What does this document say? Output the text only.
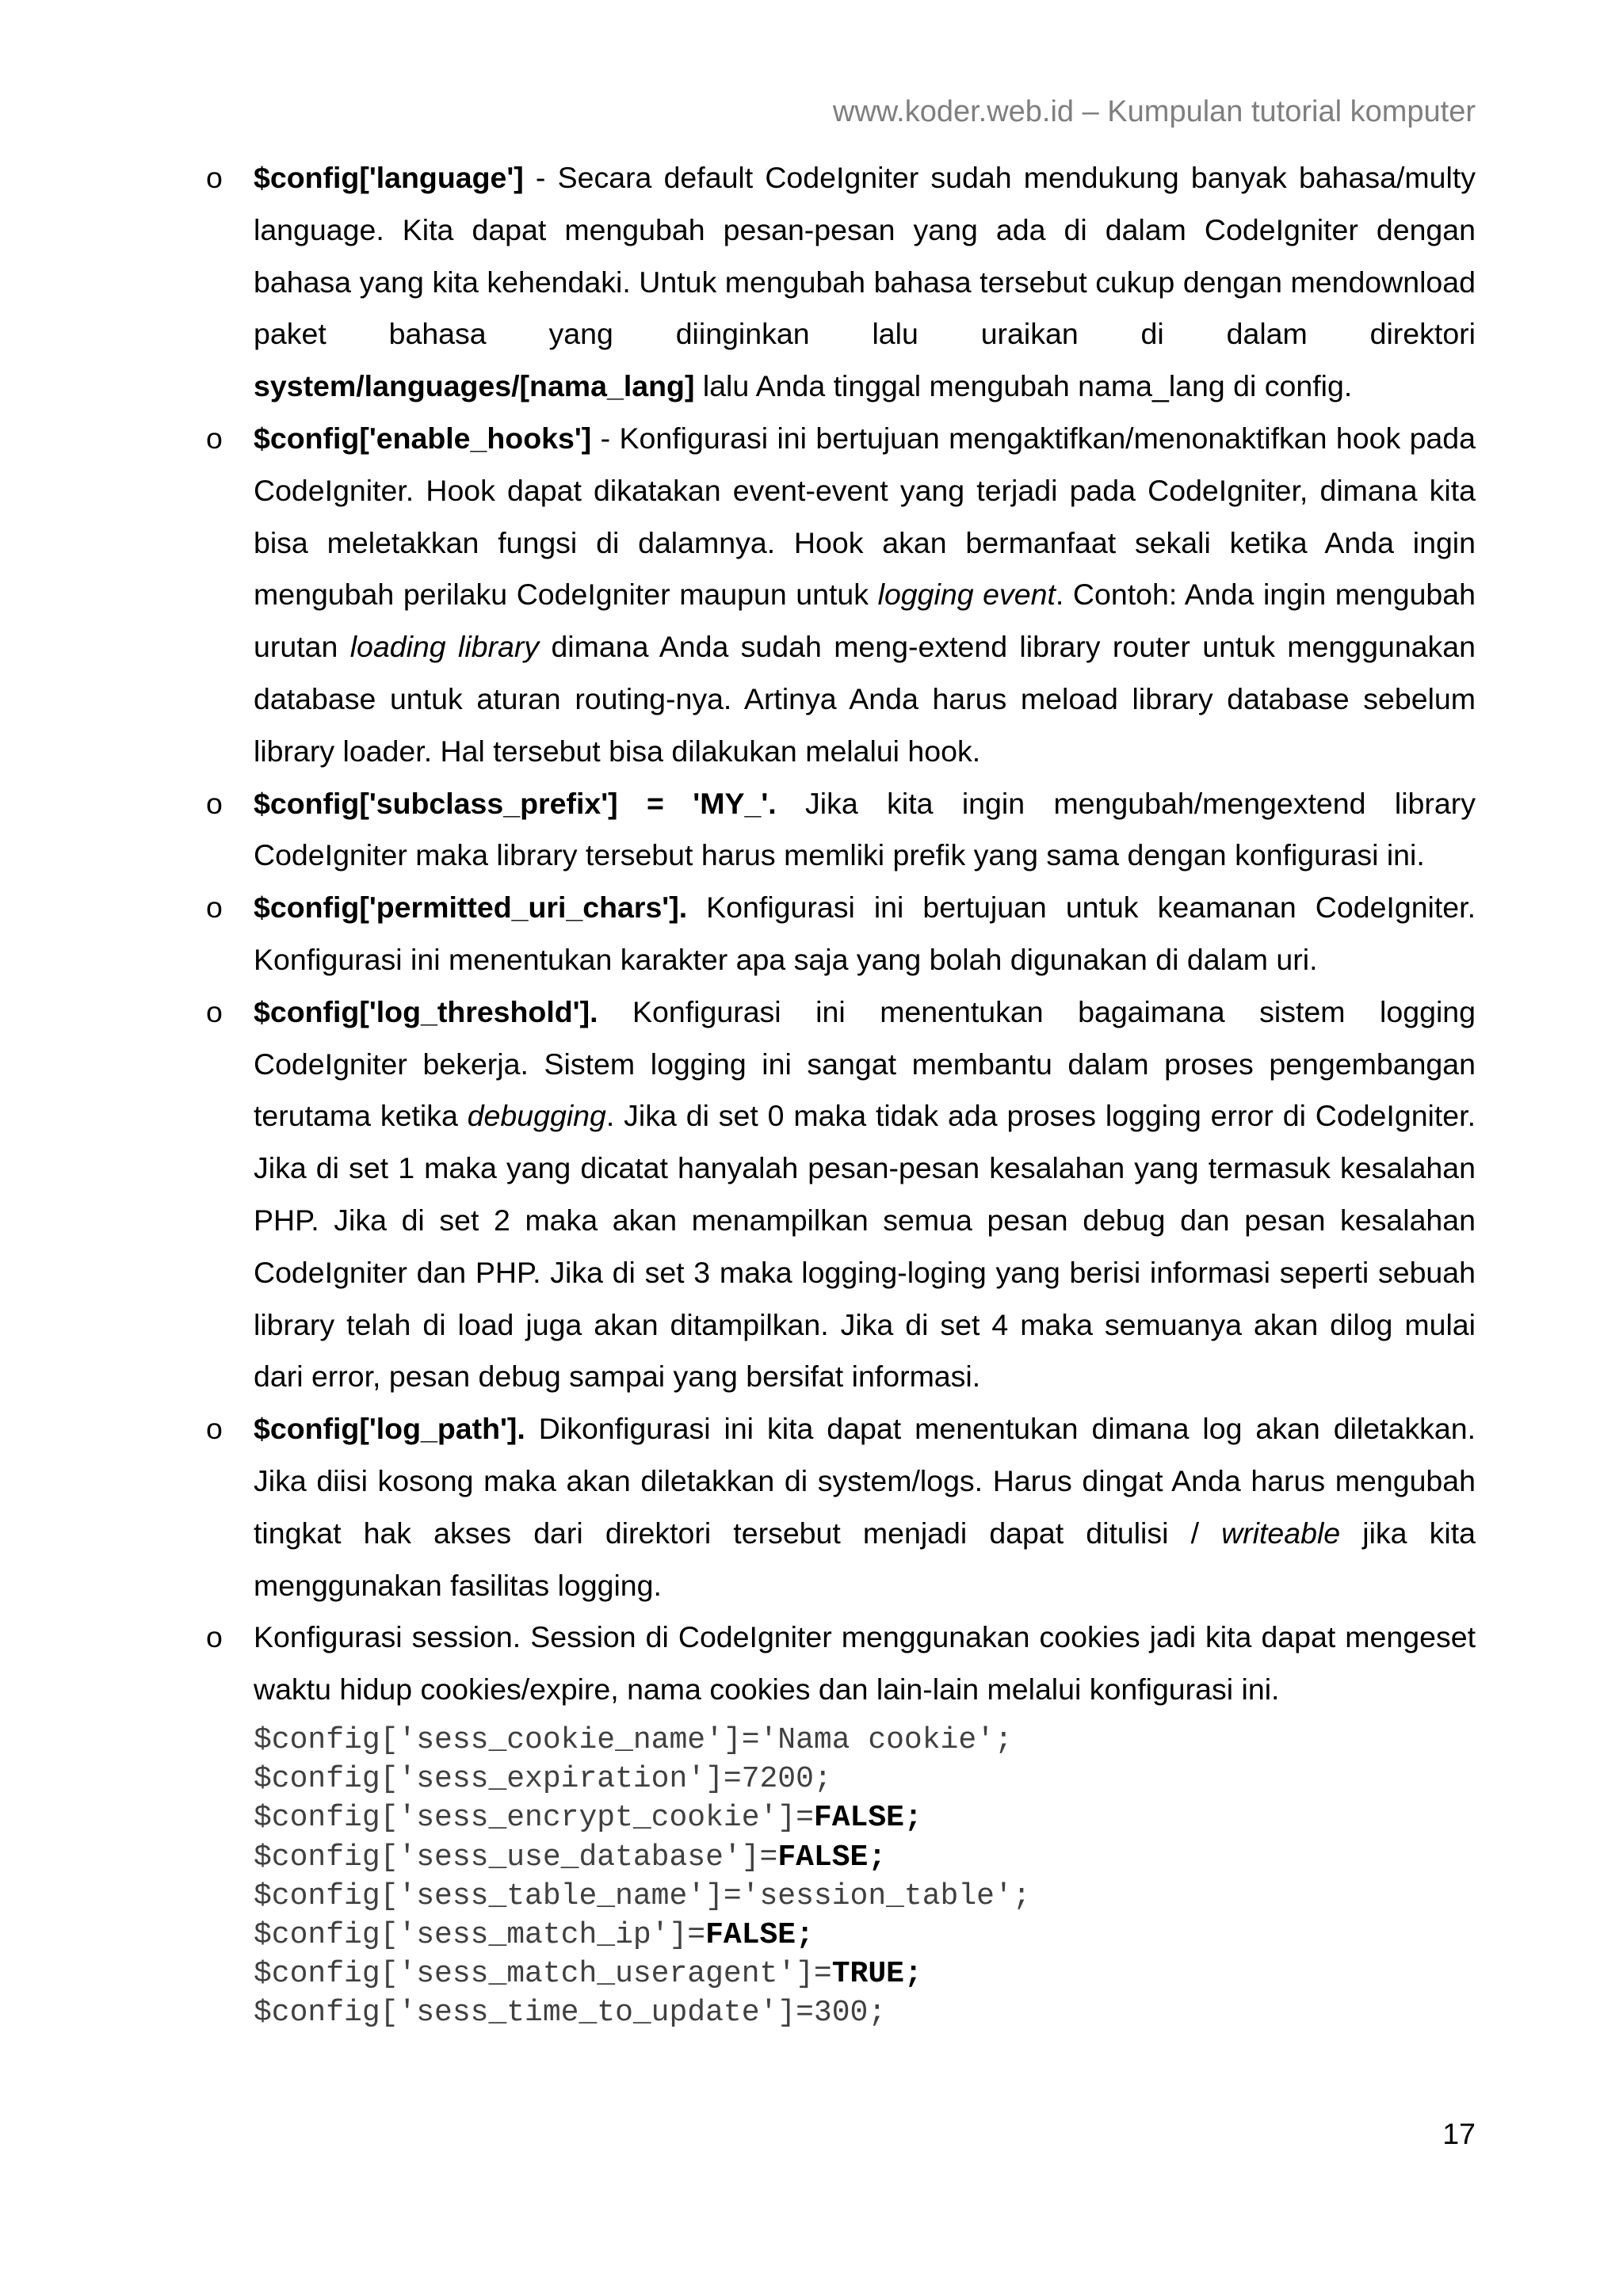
www.koder.web.id – Kumpulan tutorial komputer
o $config['language'] - Secara default CodeIgniter sudah mendukung banyak bahasa/multy language. Kita dapat mengubah pesan-pesan yang ada di dalam CodeIgniter dengan bahasa yang kita kehendaki. Untuk mengubah bahasa tersebut cukup dengan mendownload paket bahasa yang diinginkan lalu uraikan di dalam direktori system/languages/[nama_lang] lalu Anda tinggal mengubah nama_lang di config.
o $config['enable_hooks'] - Konfigurasi ini bertujuan mengaktifkan/menonaktifkan hook pada CodeIgniter. Hook dapat dikatakan event-event yang terjadi pada CodeIgniter, dimana kita bisa meletakkan fungsi di dalamnya. Hook akan bermanfaat sekali ketika Anda ingin mengubah perilaku CodeIgniter maupun untuk logging event. Contoh: Anda ingin mengubah urutan loading library dimana Anda sudah meng-extend library router untuk menggunakan database untuk aturan routing-nya. Artinya Anda harus meload library database sebelum library loader. Hal tersebut bisa dilakukan melalui hook.
o $config['subclass_prefix'] = 'MY_'. Jika kita ingin mengubah/mengextend library CodeIgniter maka library tersebut harus memliki prefik yang sama dengan konfigurasi ini.
o $config['permitted_uri_chars']. Konfigurasi ini bertujuan untuk keamanan CodeIgniter. Konfigurasi ini menentukan karakter apa saja yang bolah digunakan di dalam uri.
o $config['log_threshold']. Konfigurasi ini menentukan bagaimana sistem logging CodeIgniter bekerja. Sistem logging ini sangat membantu dalam proses pengembangan terutama ketika debugging. Jika di set 0 maka tidak ada proses logging error di CodeIgniter. Jika di set 1 maka yang dicatat hanyalah pesan-pesan kesalahan yang termasuk kesalahan PHP. Jika di set 2 maka akan menampilkan semua pesan debug dan pesan kesalahan CodeIgniter dan PHP. Jika di set 3 maka logging-loging yang berisi informasi seperti sebuah library telah di load juga akan ditampilkan. Jika di set 4 maka semuanya akan dilog mulai dari error, pesan debug sampai yang bersifat informasi.
o $config['log_path']. Dikonfigurasi ini kita dapat menentukan dimana log akan diletakkan. Jika diisi kosong maka akan diletakkan di system/logs. Harus dingat Anda harus mengubah tingkat hak akses dari direktori tersebut menjadi dapat ditulisi / writeable jika kita menggunakan fasilitas logging.
o Konfigurasi session. Session di CodeIgniter menggunakan cookies jadi kita dapat mengeset waktu hidup cookies/expire, nama cookies dan lain-lain melalui konfigurasi ini.
$config['sess_cookie_name']='Nama cookie';
$config['sess_expiration']=7200;
$config['sess_encrypt_cookie']=FALSE;
$config['sess_use_database']=FALSE;
$config['sess_table_name']='session_table';
$config['sess_match_ip']=FALSE;
$config['sess_match_useragent']=TRUE;
$config['sess_time_to_update']=300;
17
